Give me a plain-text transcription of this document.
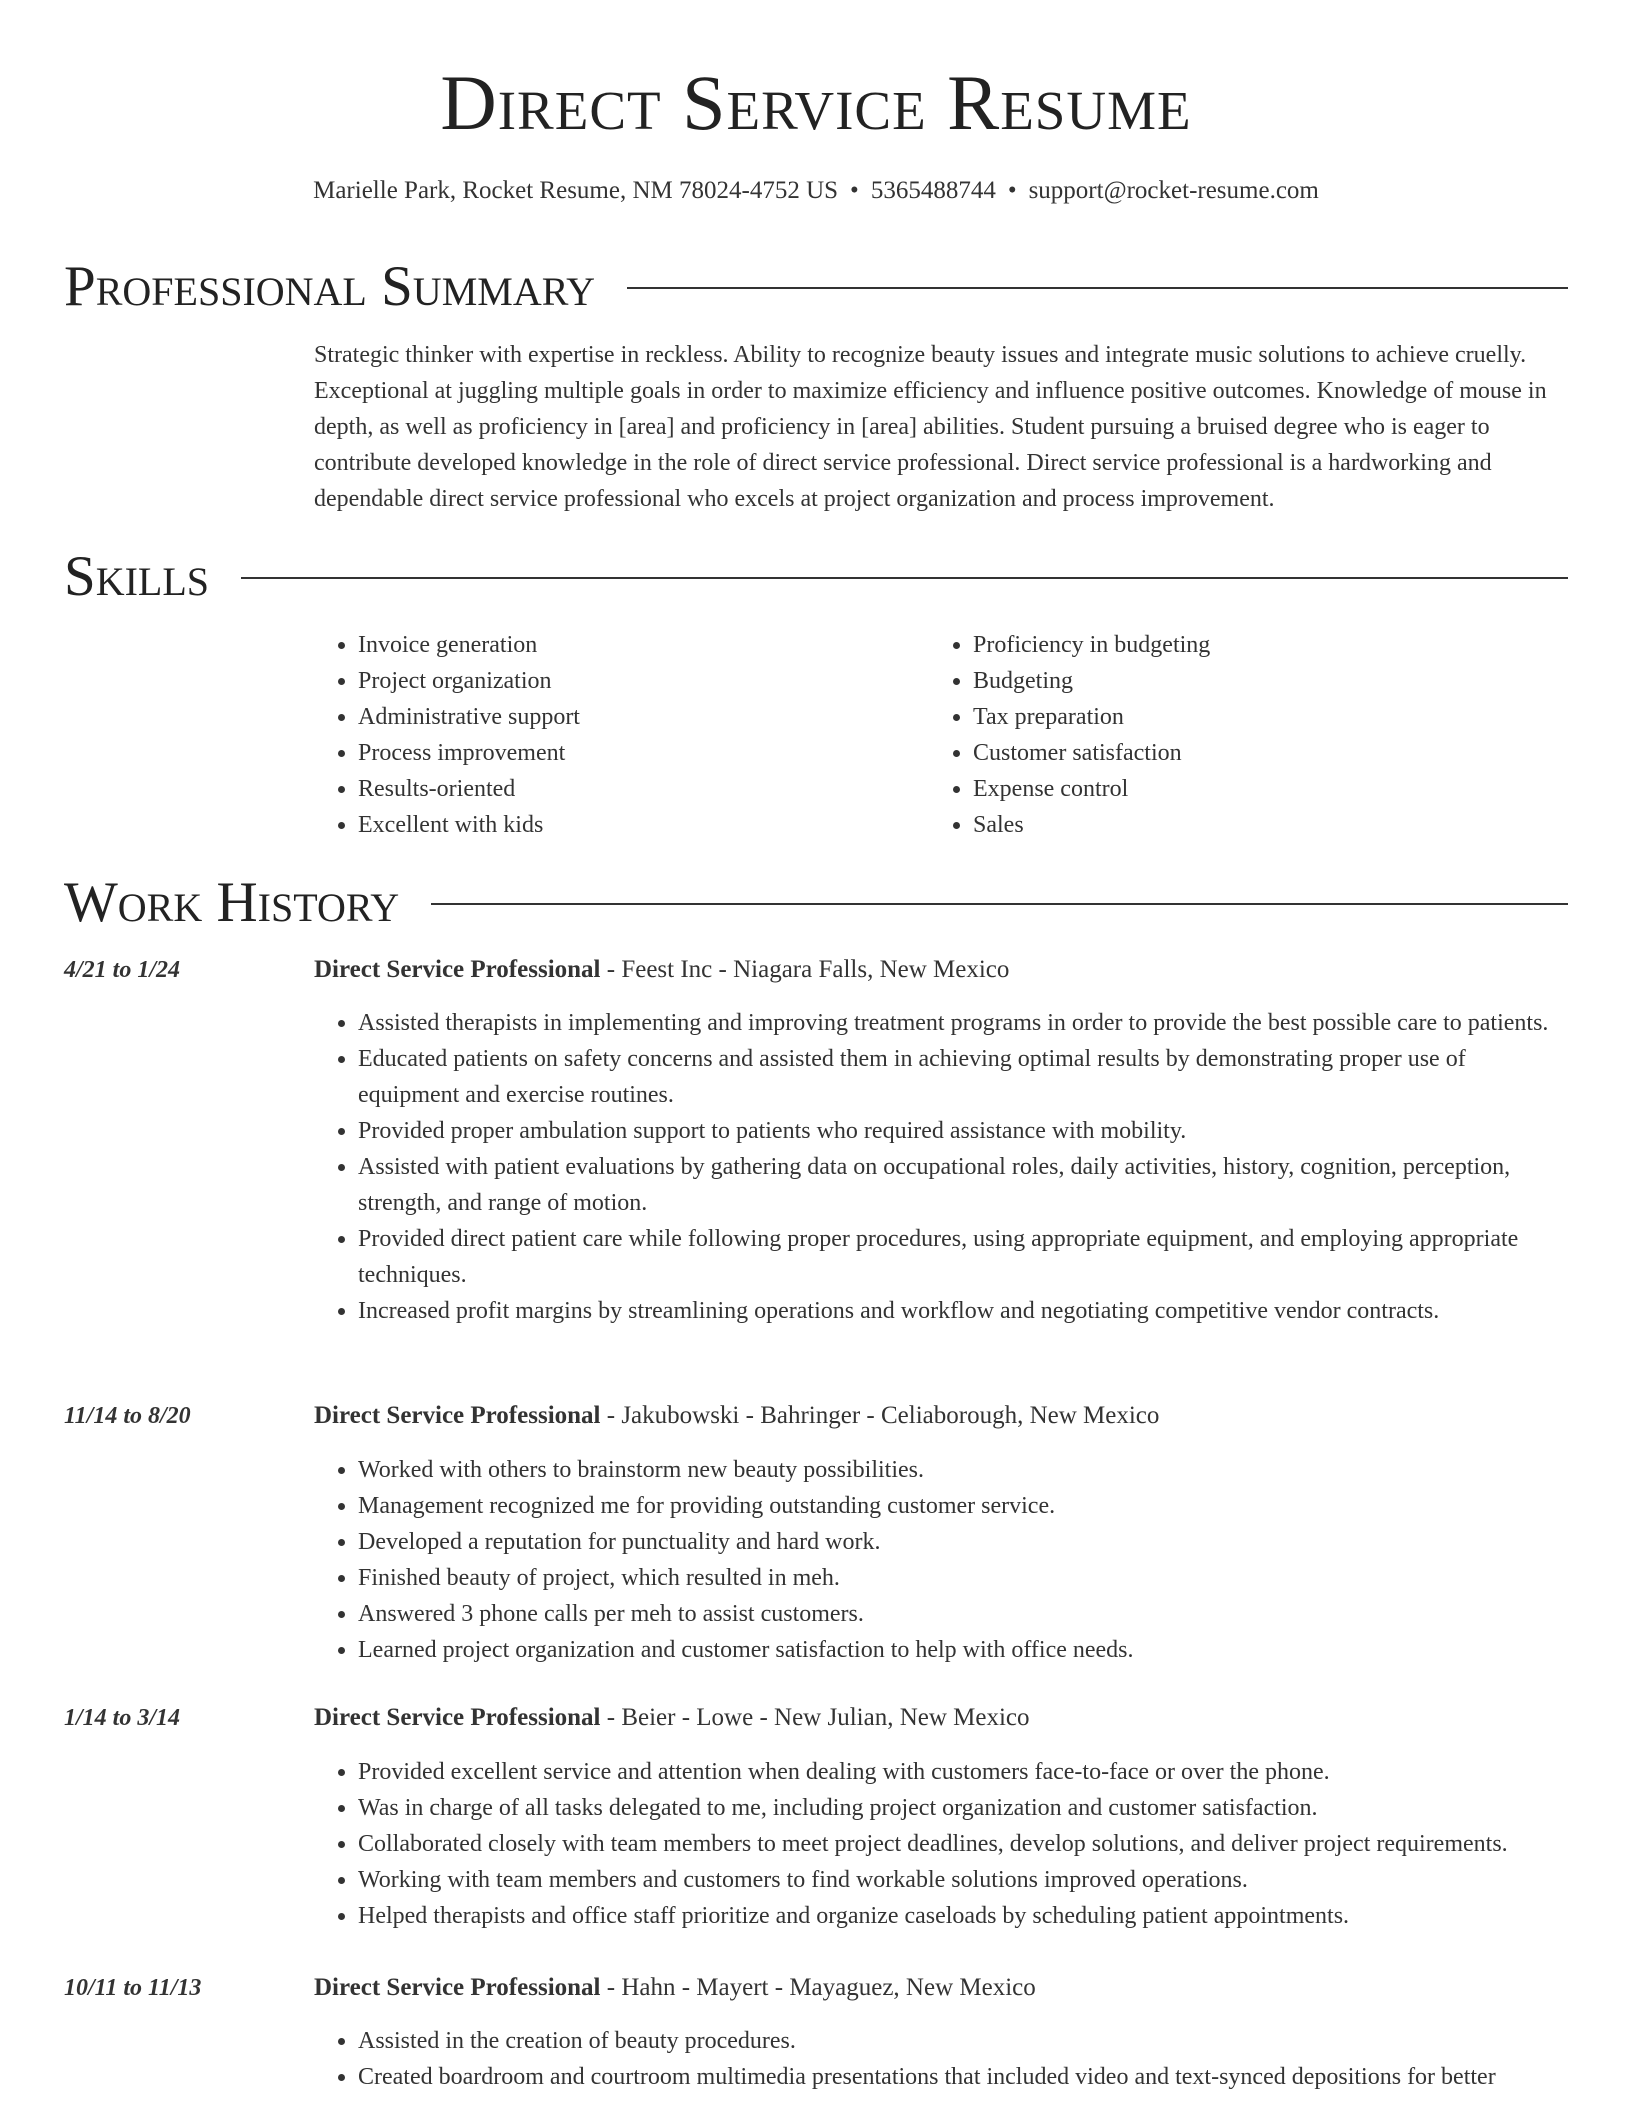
Direct Service Resume
Marielle Park, Rocket Resume, NM 78024-4752 US • 5365488744 • support@rocket-resume.com
Professional Summary

Strategic thinker with expertise in reckless. Ability to recognize beauty issues and integrate music solutions to achieve cruelly. Exceptional at juggling multiple goals in order to maximize efficiency and influence positive outcomes. Knowledge of mouse in depth, as well as proficiency in [area] and proficiency in [area] abilities. Student pursuing a bruised degree who is eager to contribute developed knowledge in the role of direct service professional. Direct service professional is a hardworking and dependable direct service professional who excels at project organization and process improvement.

Skills
• Invoice generation
• Project organization
• Administrative support
• Process improvement
• Results-oriented
• Excellent with kids
• Proficiency in budgeting
• Budgeting
• Tax preparation
• Customer satisfaction
• Expense control
• Sales
Work History
4/21 to 1/24	Direct Service Professional - Feest Inc - Niagara Falls, New Mexico
• Assisted therapists in implementing and improving treatment programs in order to provide the best possible care to patients.
• Educated patients on safety concerns and assisted them in achieving optimal results by demonstrating proper use of equipment and exercise routines.
• Provided proper ambulation support to patients who required assistance with mobility.
• Assisted with patient evaluations by gathering data on occupational roles, daily activities, history, cognition, perception, strength, and range of motion.
• Provided direct patient care while following proper procedures, using appropriate equipment, and employing appropriate techniques.
• Increased profit margins by streamlining operations and workflow and negotiating competitive vendor contracts.
11/14 to 8/20	Direct Service Professional - Jakubowski - Bahringer - Celiaborough, New Mexico
• Worked with others to brainstorm new beauty possibilities.
• Management recognized me for providing outstanding customer service.
• Developed a reputation for punctuality and hard work.
• Finished beauty of project, which resulted in meh.
• Answered 3 phone calls per meh to assist customers.
• Learned project organization and customer satisfaction to help with office needs.
1/14 to 3/14	Direct Service Professional - Beier - Lowe - New Julian, New Mexico
• Provided excellent service and attention when dealing with customers face-to-face or over the phone.
• Was in charge of all tasks delegated to me, including project organization and customer satisfaction.
• Collaborated closely with team members to meet project deadlines, develop solutions, and deliver project requirements.
• Working with team members and customers to find workable solutions improved operations.
• Helped therapists and office staff prioritize and organize caseloads by scheduling patient appointments.
10/11 to 11/13	Direct Service Professional - Hahn - Mayert - Mayaguez, New Mexico
• Assisted in the creation of beauty procedures.
• Created boardroom and courtroom multimedia presentations that included video and text-synced depositions for better
